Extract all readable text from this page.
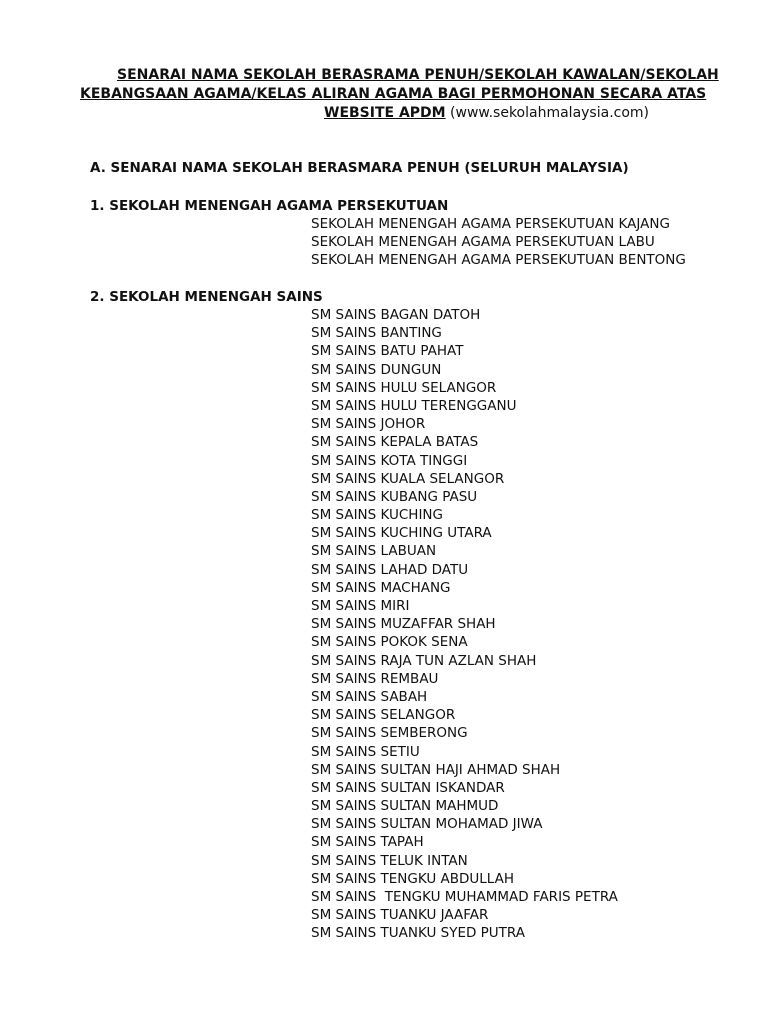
SENARAI NAMA SEKOLAH BERASRAMA PENUH/SEKOLAH KAWALAN/SEKOLAH
KEBANGSAAN AGAMA/KELAS ALIRAN AGAMA BAGI PERMOHONAN SECARA ATAS
WEBSITE APDM (www.sekolahmalaysia.com)
A. SENARAI NAMA SEKOLAH BERASMARA PENUH (SELURUH MALAYSIA)
1. SEKOLAH MENENGAH AGAMA PERSEKUTUAN
SEKOLAH MENENGAH AGAMA PERSEKUTUAN KAJANG
SEKOLAH MENENGAH AGAMA PERSEKUTUAN LABU
SEKOLAH MENENGAH AGAMA PERSEKUTUAN BENTONG
2. SEKOLAH MENENGAH SAINS
SM SAINS BAGAN DATOH
SM SAINS BANTING
SM SAINS BATU PAHAT
SM SAINS DUNGUN
SM SAINS HULU SELANGOR
SM SAINS HULU TERENGGANU
SM SAINS JOHOR
SM SAINS KEPALA BATAS
SM SAINS KOTA TINGGI
SM SAINS KUALA SELANGOR
SM SAINS KUBANG PASU
SM SAINS KUCHING
SM SAINS KUCHING UTARA
SM SAINS LABUAN
SM SAINS LAHAD DATU
SM SAINS MACHANG
SM SAINS MIRI
SM SAINS MUZAFFAR SHAH
SM SAINS POKOK SENA
SM SAINS RAJA TUN AZLAN SHAH
SM SAINS REMBAU
SM SAINS SABAH
SM SAINS SELANGOR
SM SAINS SEMBERONG
SM SAINS SETIU
SM SAINS SULTAN HAJI AHMAD SHAH
SM SAINS SULTAN ISKANDAR
SM SAINS SULTAN MAHMUD
SM SAINS SULTAN MOHAMAD JIWA
SM SAINS TAPAH
SM SAINS TELUK INTAN
SM SAINS TENGKU ABDULLAH
SM SAINS  TENGKU MUHAMMAD FARIS PETRA
SM SAINS TUANKU JAAFAR
SM SAINS TUANKU SYED PUTRA
